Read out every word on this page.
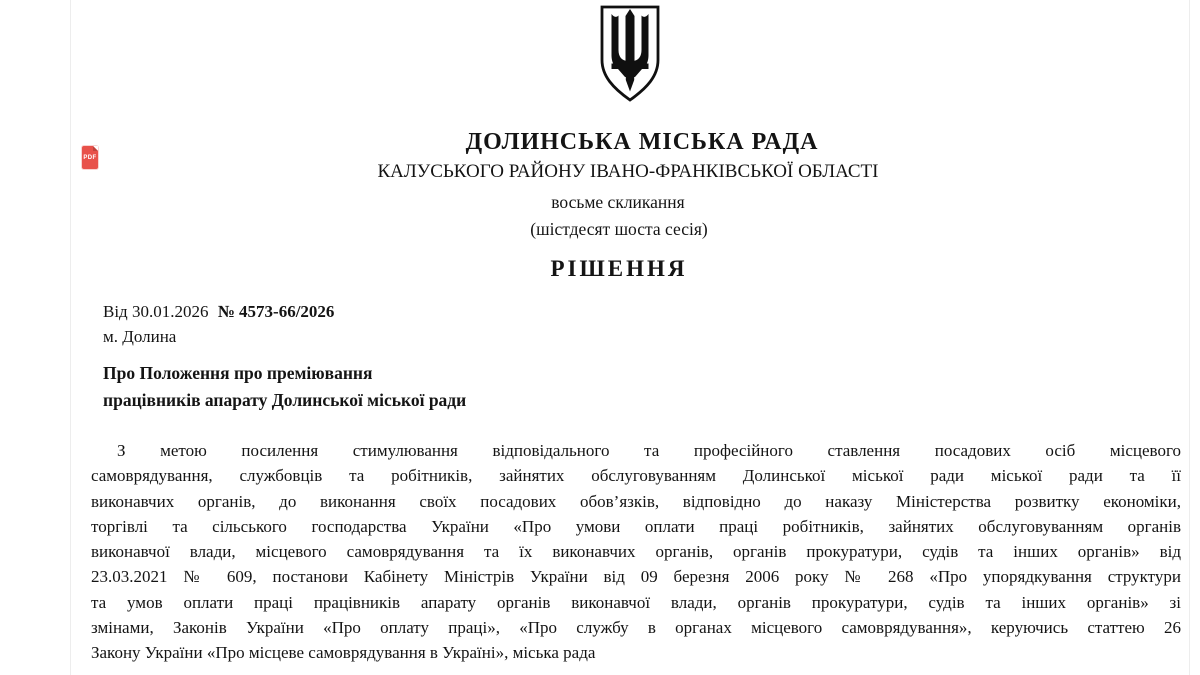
PDF
ДОЛИНСЬКА МІСЬКА РАДА
КАЛУСЬКОГО РАЙОНУ ІВАНО-ФРАНКІВСЬКОЇ ОБЛАСТІ
восьме скликання
(шістдесят шоста сесія)
РІШЕННЯ
Від 30.01.2026 № 4573-66/2026
м. Долина
Про Положення про преміювання
працівників апарату Долинської міської ради
З метою посилення стимулювання відповідального та професійного ставлення посадових осіб місцевого
самоврядування, службовців та робітників, зайнятих обслуговуванням Долинської міської ради міської ради та її
виконавчих органів, до виконання своїх посадових обов’язків, відповідно до наказу Міністерства розвитку економіки,
торгівлі та сільського господарства України «Про умови оплати праці робітників, зайнятих обслуговуванням органів
виконавчої влади, місцевого самоврядування та їх виконавчих органів, органів прокуратури, судів та інших органів» від
23.03.2021 № 609, постанови Кабінету Міністрів України від 09 березня 2006 року № 268 «Про упорядкування структури
та умов оплати праці працівників апарату органів виконавчої влади, органів прокуратури, судів та інших органів» зі
змінами, Законів України «Про оплату праці», «Про службу в органах місцевого самоврядування», керуючись статтею 26
Закону України «Про місцеве самоврядування в Україні», міська рада
